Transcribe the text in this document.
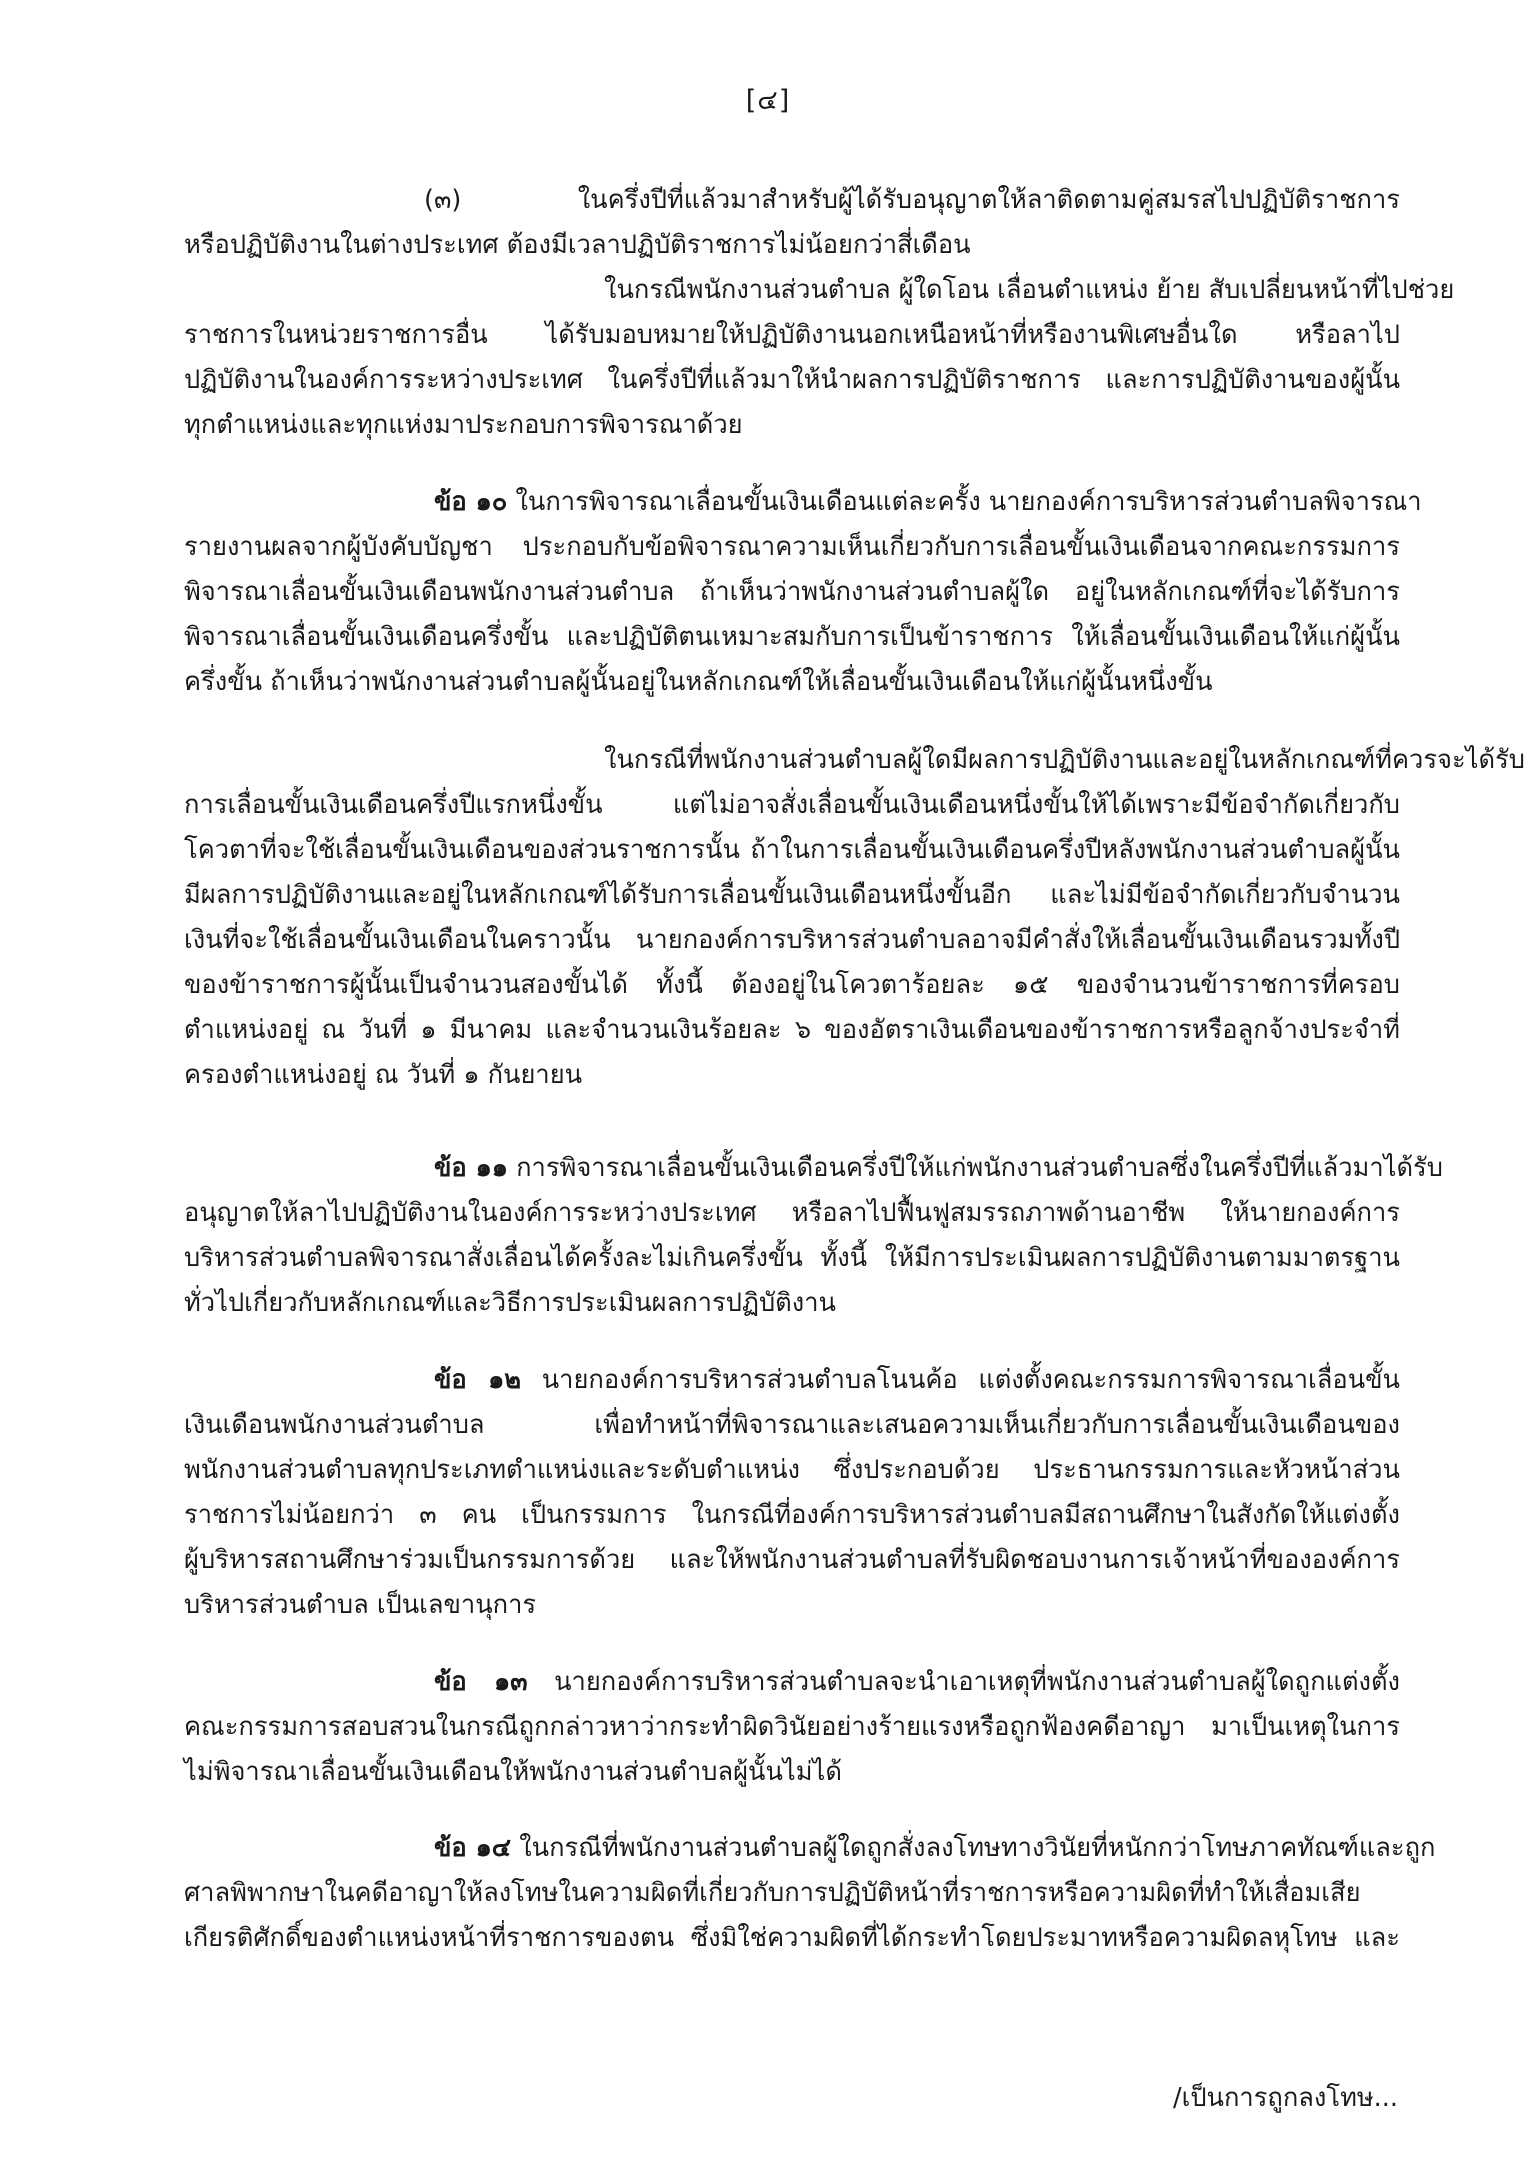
[๔]
(๓) ในครึ่งปีที่แล้วมาสำหรับผู้ได้รับอนุญาตให้ลาติดตามคู่สมรสไปปฏิบัติราชการ
หรือปฏิบัติงานในต่างประเทศ ต้องมีเวลาปฏิบัติราชการไม่น้อยกว่าสี่เดือน
ในกรณีพนักงานส่วนตำบล ผู้ใดโอน เลื่อนตำแหน่ง ย้าย สับเปลี่ยนหน้าที่ไปช่วย
ราชการในหน่วยราชการอื่น ได้รับมอบหมายให้ปฏิบัติงานนอกเหนือหน้าที่หรืองานพิเศษอื่นใด หรือลาไป
ปฏิบัติงานในองค์การระหว่างประเทศ ในครึ่งปีที่แล้วมาให้นำผลการปฏิบัติราชการ และการปฏิบัติงานของผู้นั้น
ทุกตำแหน่งและทุกแห่งมาประกอบการพิจารณาด้วย
ข้อ ๑๐ ในการพิจารณาเลื่อนขั้นเงินเดือนแต่ละครั้ง นายกองค์การบริหารส่วนตำบลพิจารณา
รายงานผลจากผู้บังคับบัญชา ประกอบกับข้อพิจารณาความเห็นเกี่ยวกับการเลื่อนขั้นเงินเดือนจากคณะกรรมการ
พิจารณาเลื่อนขั้นเงินเดือนพนักงานส่วนตำบล ถ้าเห็นว่าพนักงานส่วนตำบลผู้ใด อยู่ในหลักเกณฑ์ที่จะได้รับการ
พิจารณาเลื่อนขั้นเงินเดือนครึ่งขั้น และปฏิบัติตนเหมาะสมกับการเป็นข้าราชการ ให้เลื่อนขั้นเงินเดือนให้แก่ผู้นั้น
ครึ่งขั้น ถ้าเห็นว่าพนักงานส่วนตำบลผู้นั้นอยู่ในหลักเกณฑ์ให้เลื่อนขั้นเงินเดือนให้แก่ผู้นั้นหนึ่งขั้น
ในกรณีที่พนักงานส่วนตำบลผู้ใดมีผลการปฏิบัติงานและอยู่ในหลักเกณฑ์ที่ควรจะได้รับ
การเลื่อนขั้นเงินเดือนครึ่งปีแรกหนึ่งขั้น แต่ไม่อาจสั่งเลื่อนขั้นเงินเดือนหนึ่งขั้นให้ได้เพราะมีข้อจำกัดเกี่ยวกับ
โควตาที่จะใช้เลื่อนขั้นเงินเดือนของส่วนราชการนั้น ถ้าในการเลื่อนขั้นเงินเดือนครึ่งปีหลังพนักงานส่วนตำบลผู้นั้น
มีผลการปฏิบัติงานและอยู่ในหลักเกณฑ์ได้รับการเลื่อนขั้นเงินเดือนหนึ่งขั้นอีก และไม่มีข้อจำกัดเกี่ยวกับจำนวน
เงินที่จะใช้เลื่อนขั้นเงินเดือนในคราวนั้น นายกองค์การบริหารส่วนตำบลอาจมีคำสั่งให้เลื่อนขั้นเงินเดือนรวมทั้งปี
ของข้าราชการผู้นั้นเป็นจำนวนสองขั้นได้ ทั้งนี้ ต้องอยู่ในโควตาร้อยละ ๑๕ ของจำนวนข้าราชการที่ครอบ
ตำแหน่งอยู่ ณ วันที่ ๑ มีนาคม และจำนวนเงินร้อยละ ๖ ของอัตราเงินเดือนของข้าราชการหรือลูกจ้างประจำที่
ครองตำแหน่งอยู่ ณ วันที่ ๑ กันยายน
ข้อ ๑๑ การพิจารณาเลื่อนขั้นเงินเดือนครึ่งปีให้แก่พนักงานส่วนตำบลซึ่งในครึ่งปีที่แล้วมาได้รับ
อนุญาตให้ลาไปปฏิบัติงานในองค์การระหว่างประเทศ หรือลาไปฟื้นฟูสมรรถภาพด้านอาชีพ ให้นายกองค์การ
บริหารส่วนตำบลพิจารณาสั่งเลื่อนได้ครั้งละไม่เกินครึ่งขั้น ทั้งนี้ ให้มีการประเมินผลการปฏิบัติงานตามมาตรฐาน
ทั่วไปเกี่ยวกับหลักเกณฑ์และวิธีการประเมินผลการปฏิบัติงาน
ข้อ ๑๒ นายกองค์การบริหารส่วนตำบลโนนค้อ แต่งตั้งคณะกรรมการพิจารณาเลื่อนขั้น
เงินเดือนพนักงานส่วนตำบล เพื่อทำหน้าที่พิจารณาและเสนอความเห็นเกี่ยวกับการเลื่อนขั้นเงินเดือนของ
พนักงานส่วนตำบลทุกประเภทตำแหน่งและระดับตำแหน่ง ซึ่งประกอบด้วย ประธานกรรมการและหัวหน้าส่วน
ราชการไม่น้อยกว่า ๓ คน เป็นกรรมการ ในกรณีที่องค์การบริหารส่วนตำบลมีสถานศึกษาในสังกัดให้แต่งตั้ง
ผู้บริหารสถานศึกษาร่วมเป็นกรรมการด้วย และให้พนักงานส่วนตำบลที่รับผิดชอบงานการเจ้าหน้าที่ขององค์การ
บริหารส่วนตำบล เป็นเลขานุการ
ข้อ ๑๓ นายกองค์การบริหารส่วนตำบลจะนำเอาเหตุที่พนักงานส่วนตำบลผู้ใดถูกแต่งตั้ง
คณะกรรมการสอบสวนในกรณีถูกกล่าวหาว่ากระทำผิดวินัยอย่างร้ายแรงหรือถูกฟ้องคดีอาญา มาเป็นเหตุในการ
ไม่พิจารณาเลื่อนขั้นเงินเดือนให้พนักงานส่วนตำบลผู้นั้นไม่ได้
ข้อ ๑๔ ในกรณีที่พนักงานส่วนตำบลผู้ใดถูกสั่งลงโทษทางวินัยที่หนักกว่าโทษภาคทัณฑ์และถูก
ศาลพิพากษาในคดีอาญาให้ลงโทษในความผิดที่เกี่ยวกับการปฏิบัติหน้าที่ราชการหรือความผิดที่ทำให้เสื่อมเสีย
เกียรติศักดิ์ของตำแหน่งหน้าที่ราชการของตน ซึ่งมิใช่ความผิดที่ได้กระทำโดยประมาทหรือความผิดลหุโทษ และ
/เป็นการถูกลงโทษ...
